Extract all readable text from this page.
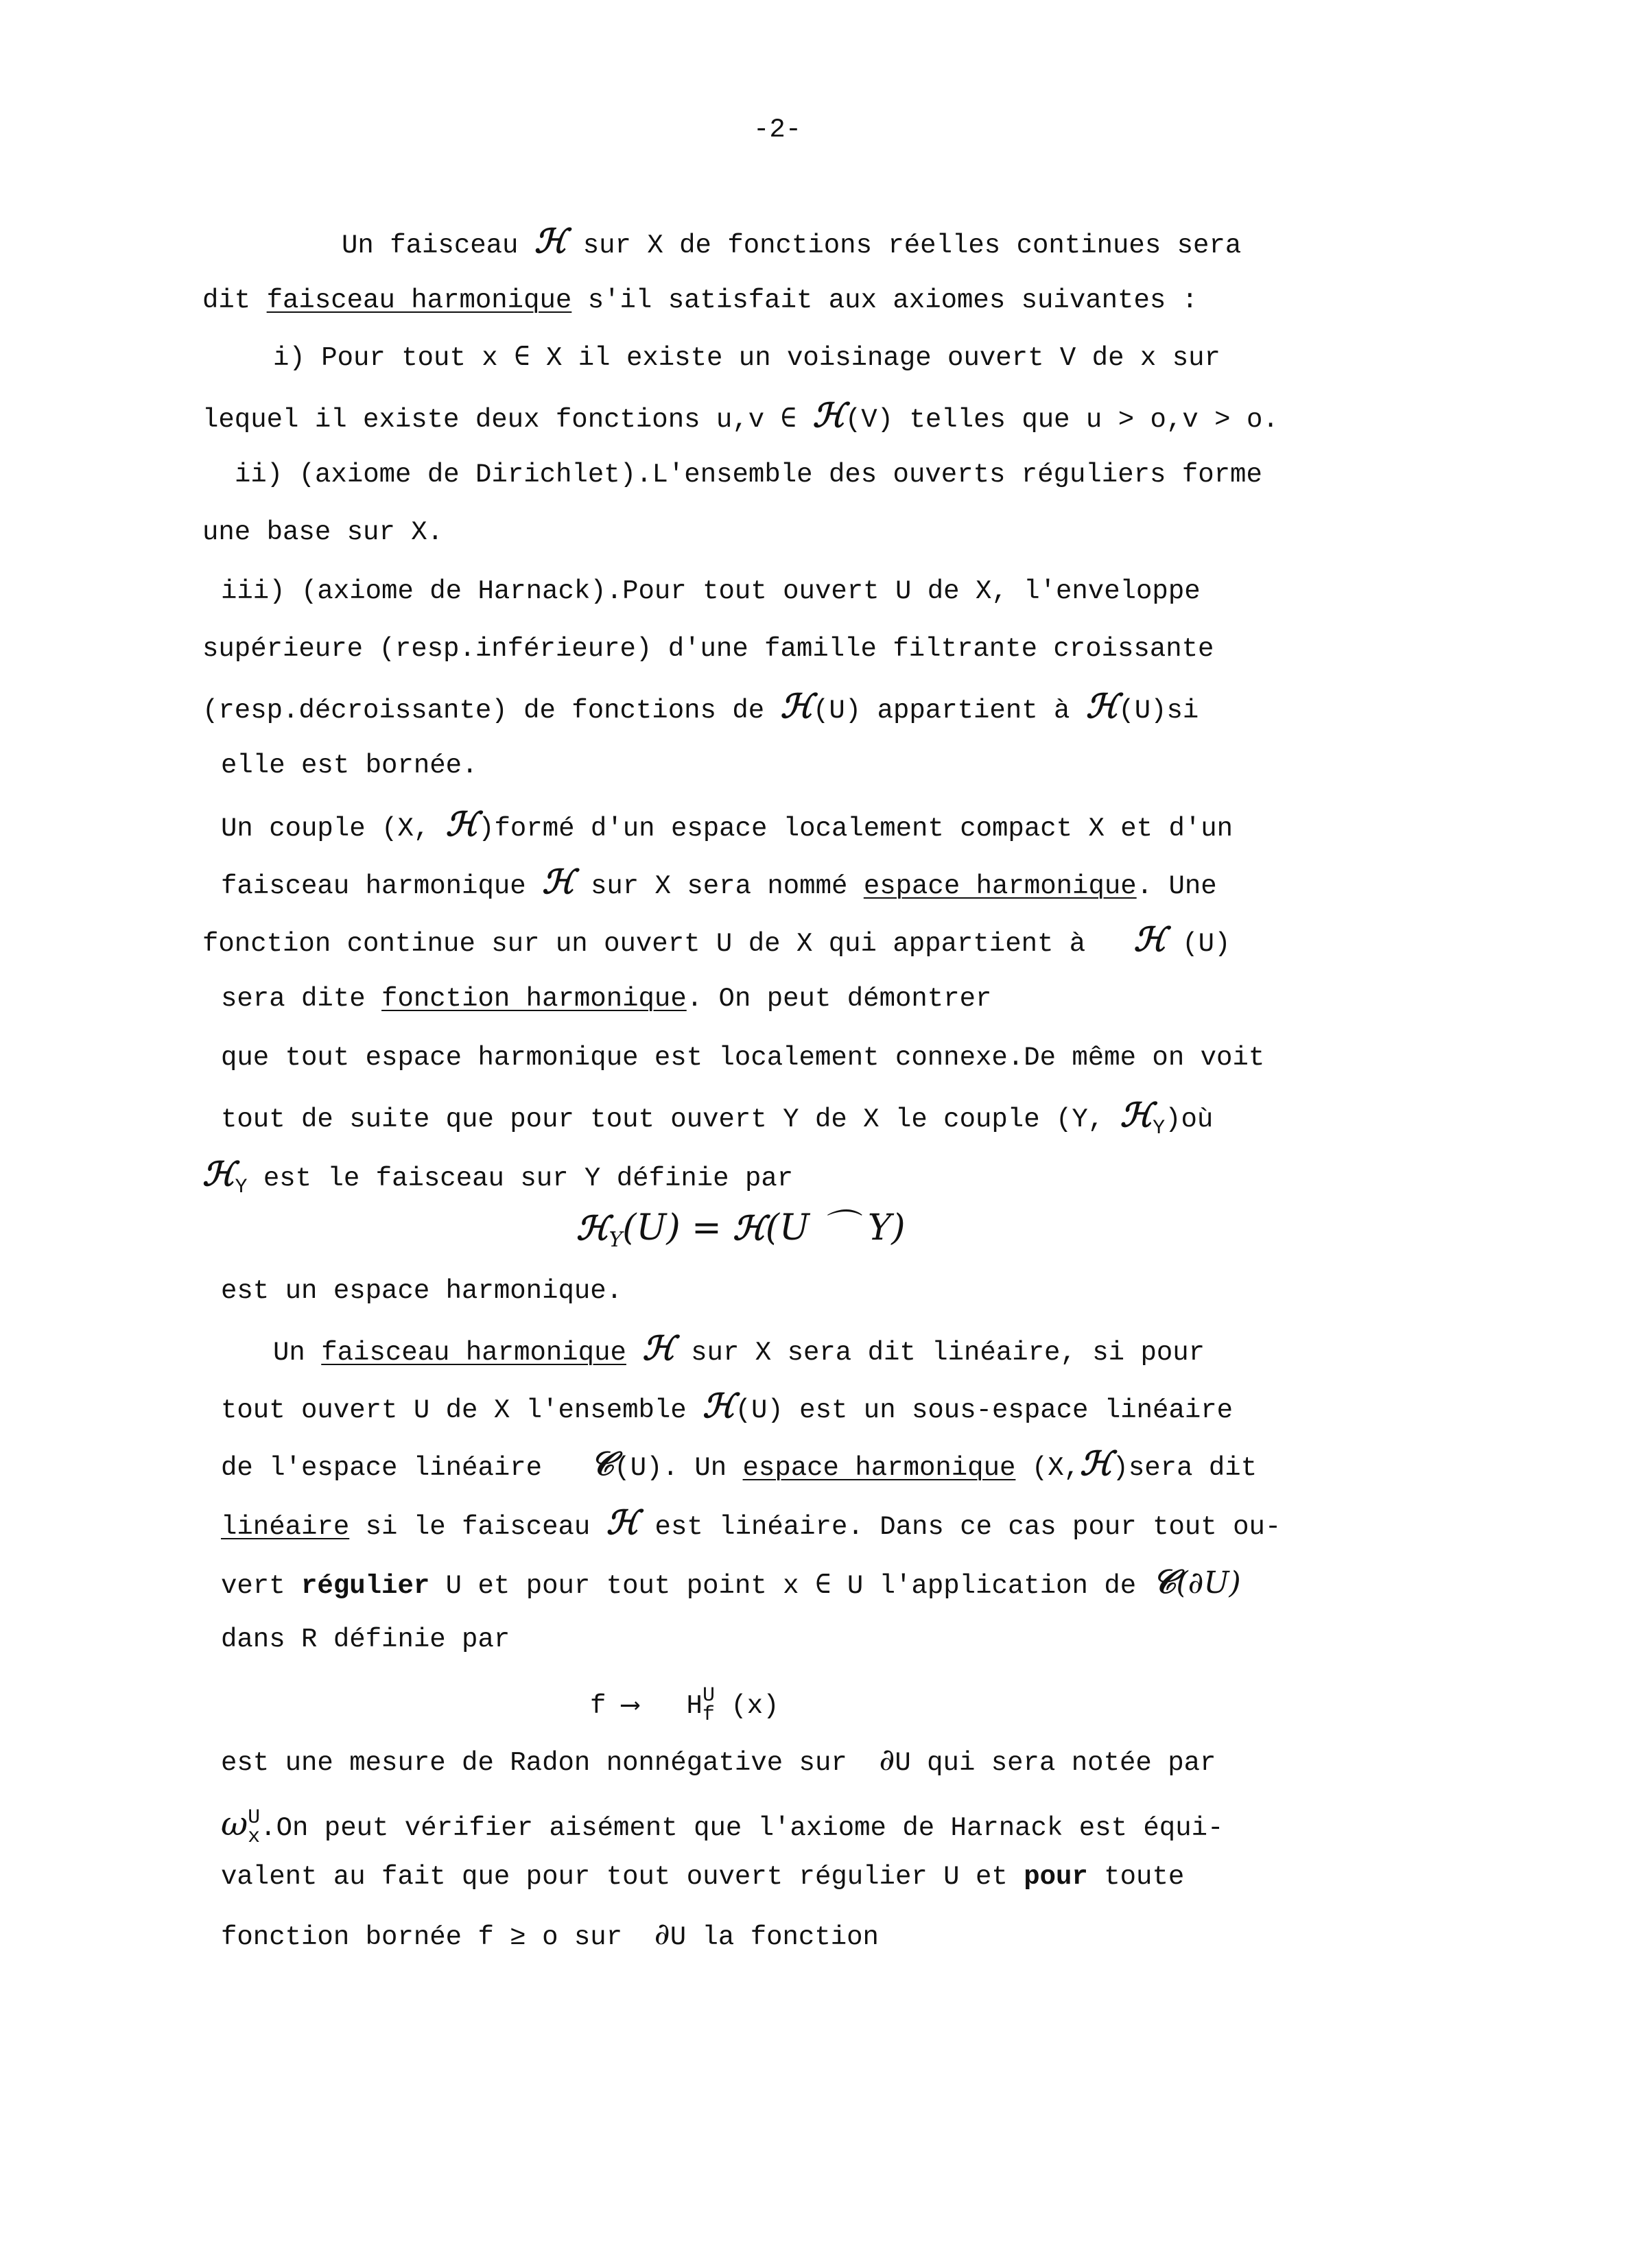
-2-
Un faisceau ℋ sur X de fonctions réelles continues sera
dit faisceau harmonique s'il satisfait aux axiomes suivantes :
i) Pour tout x ∈ X il existe un voisinage ouvert V de x sur
lequel il existe deux fonctions u,v ∈ ℋ(V) telles que u > o,v > o.
ii) (axiome de Dirichlet).L'ensemble des ouverts réguliers forme
une base sur X.
iii) (axiome de Harnack).Pour tout ouvert U de X, l'enveloppe
supérieure (resp.inférieure) d'une famille filtrante croissante
(resp.décroissante) de fonctions de ℋ(U) appartient à ℋ(U)si
elle est bornée.
Un couple (X, ℋ)formé d'un espace localement compact X et d'un
faisceau harmonique ℋ sur X sera nommé espace harmonique. Une
fonction continue sur un ouvert U de X qui appartient à ℋ (U)
sera dite fonction harmonique. On peut démontrer
que tout espace harmonique est localement connexe.De même on voit
tout de suite que pour tout ouvert Y de X le couple (Y, ℋ$_Y$)où
ℋ$_Y$ est le faisceau sur Y définie par
ℋ$_Y$(U) = ℋ(U ⌒ Y)
est un espace harmonique.
Un faisceau harmonique ℋ sur X sera dit linéaire, si pour
tout ouvert U de X l'ensemble ℋ(U) est un sous-espace linéaire
de l'espace linéaire 𝒞(U). Un espace harmonique (X,ℋ)sera dit
linéaire si le faisceau ℋ est linéaire. Dans ce cas pour tout ou-
vert régulier U et pour tout point x ∈ U l'application de 𝒞(∂U)
dans R définie par
f ⟶ $H_f^U$ (x)
est une mesure de Radon nonnégative sur ∂U qui sera notée par
$\omega_x^U.On$ peut vérifier aisément que l'axiome de Harnack est équi-
valent au fait que pour tout ouvert régulier U et pour toute
fonction bornée f ≥ o sur ∂U la fonction
